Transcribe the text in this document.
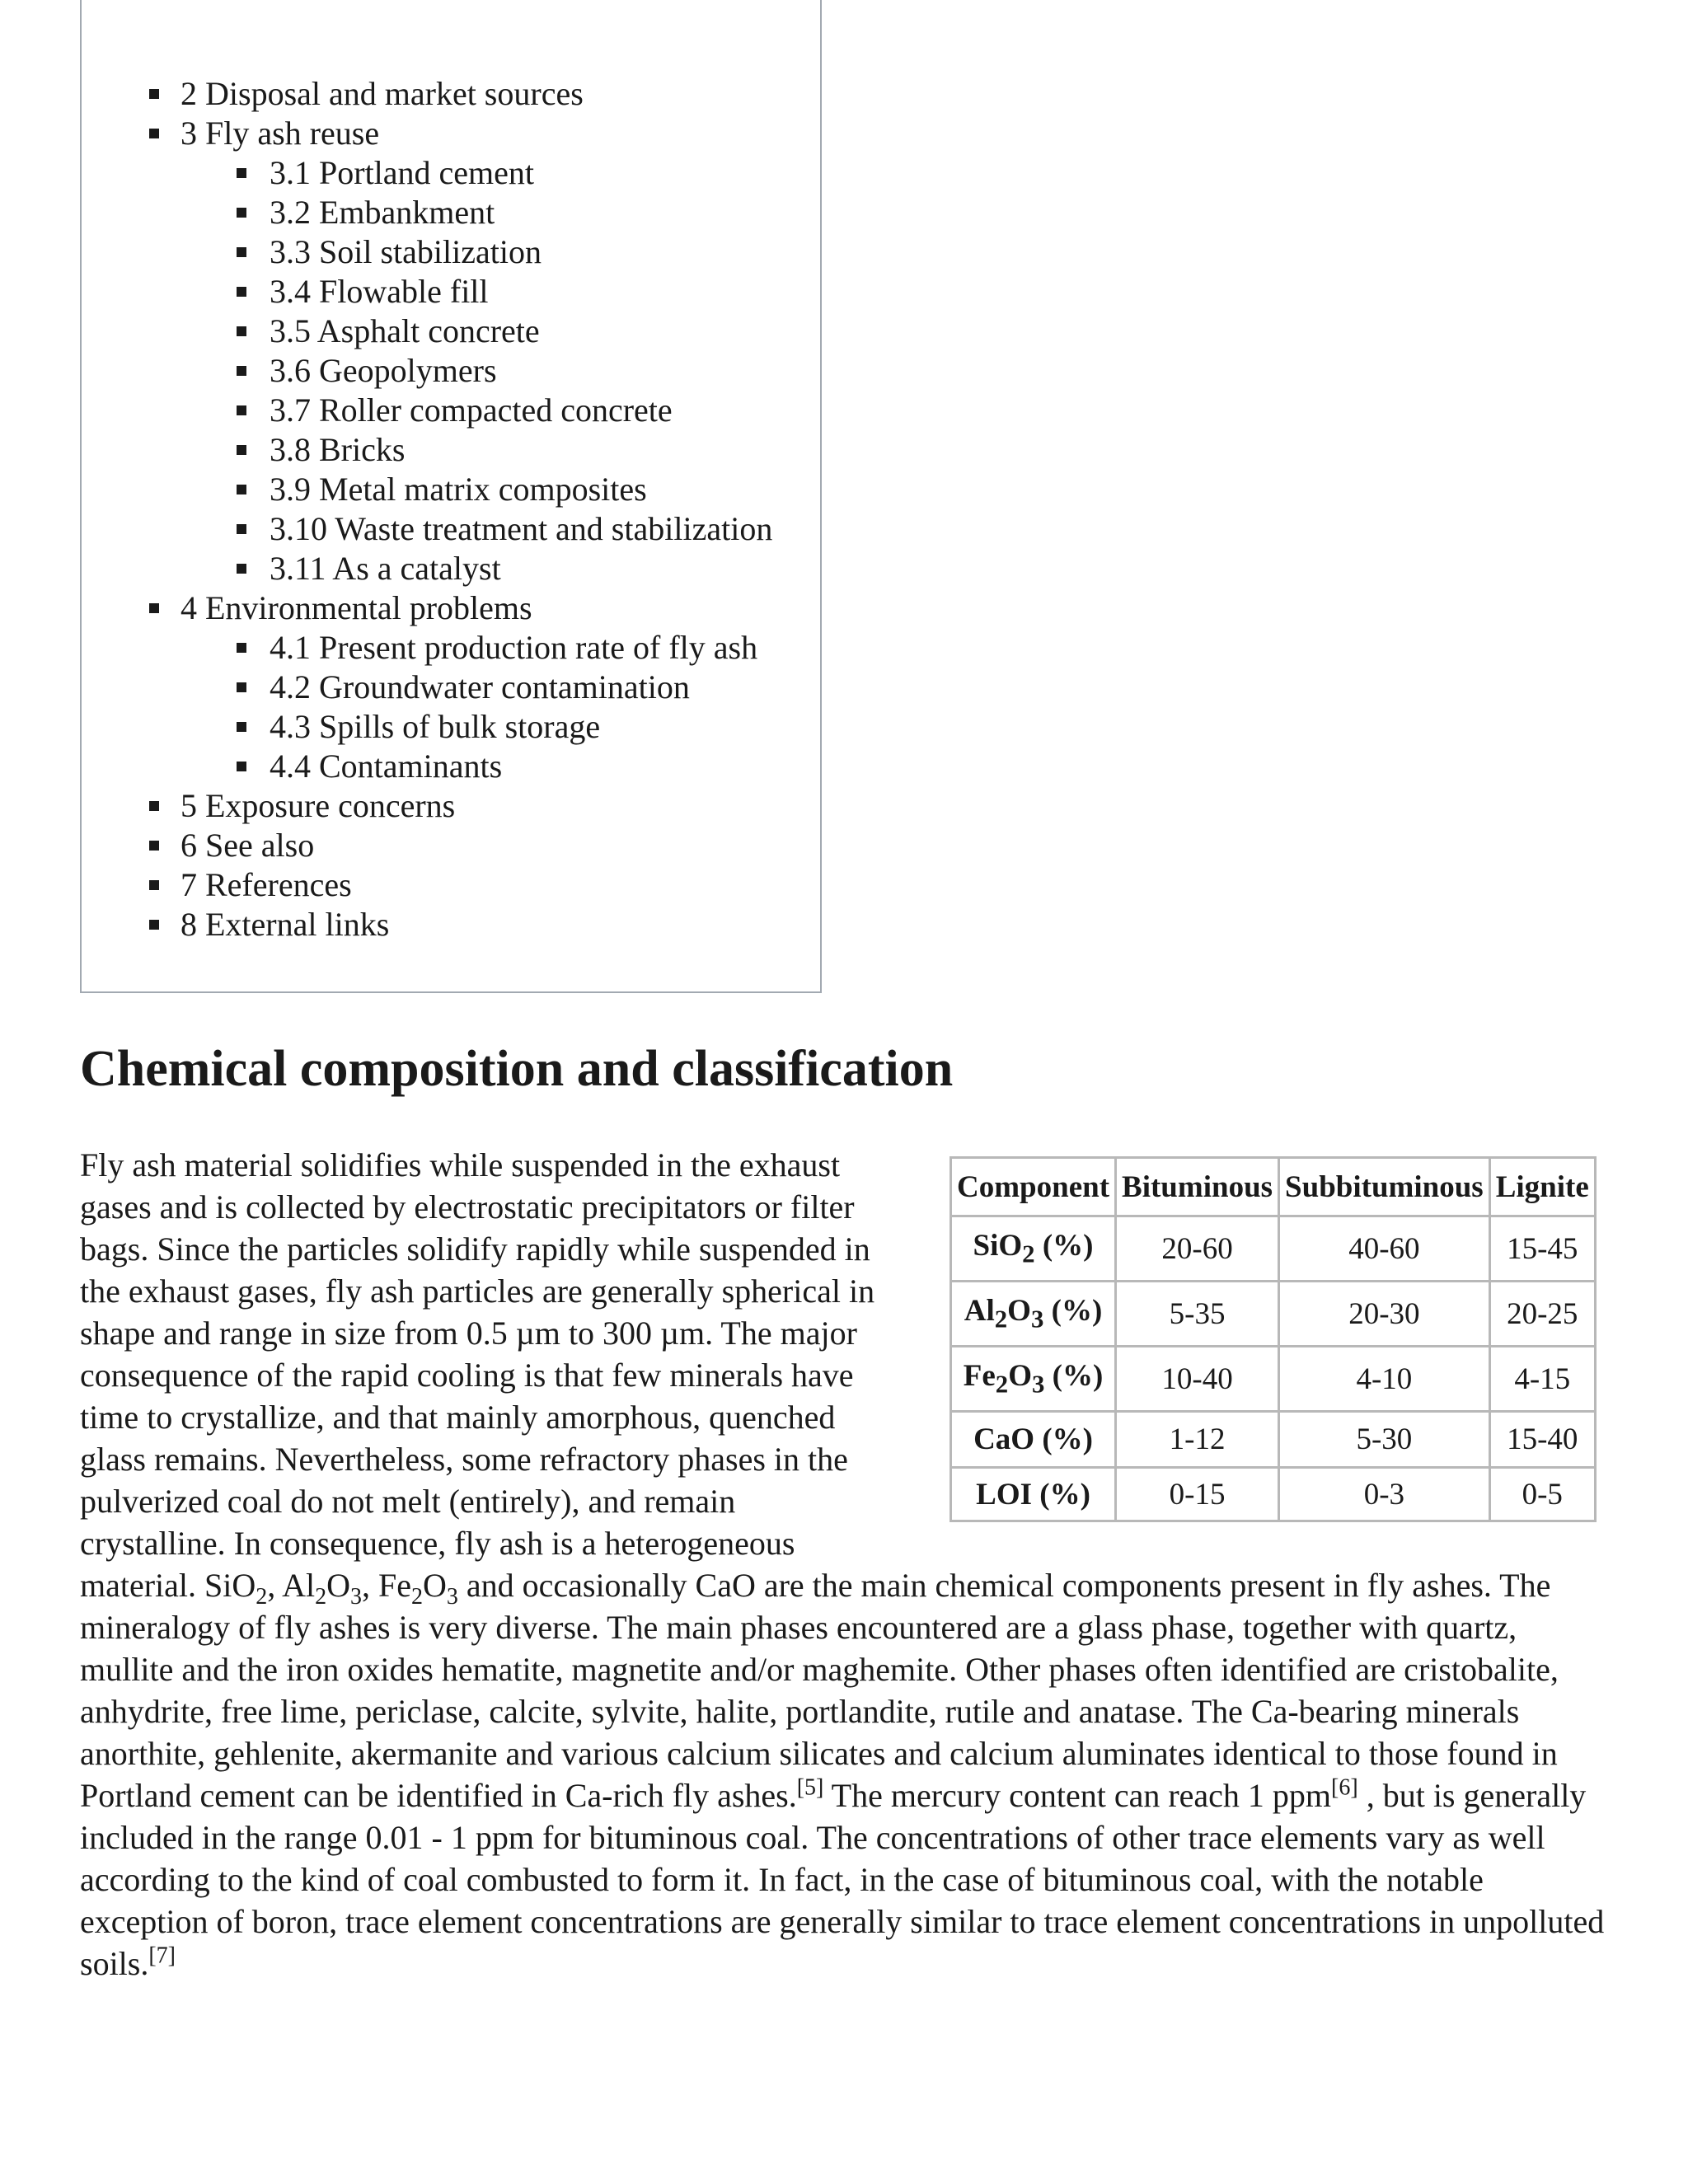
2 Disposal and market sources
3 Fly ash reuse
3.1 Portland cement
3.2 Embankment
3.3 Soil stabilization
3.4 Flowable fill
3.5 Asphalt concrete
3.6 Geopolymers
3.7 Roller compacted concrete
3.8 Bricks
3.9 Metal matrix composites
3.10 Waste treatment and stabilization
3.11 As a catalyst
4 Environmental problems
4.1 Present production rate of fly ash
4.2 Groundwater contamination
4.3 Spills of bulk storage
4.4 Contaminants
5 Exposure concerns
6 See also
7 References
8 External links
Chemical composition and classification
Component	Bituminous	Subbituminous	Lignite
SiO$_2$ (%)	20-60	40-60	15-45
$Al_2O_3$ (%)	5-35	20-30	20-25
$Fe_2O_3$ (%)	10-40	4-10	4-15
CaO (%)	1-12	5-30	15-40
LOI (%)	0-15	0-3	0-5

Fly ash material solidifies while suspended in the exhaust gases and is collected by electrostatic precipitators or filter bags. Since the particles solidify rapidly while suspended in the exhaust gases, fly ash particles are generally spherical in shape and range in size from 0.5 µm to 300 µm. The major consequence of the rapid cooling is that few minerals have time to crystallize, and that mainly amorphous, quenched glass remains. Nevertheless, some refractory phases in the pulverized coal do not melt (entirely), and remain crystalline. In consequence, fly ash is a heterogeneous material. SiO$_2$, $Al_2O_3$, $Fe_2O_3$ and occasionally CaO are the main chemical components present in fly ashes. The mineralogy of fly ashes is very diverse. The main phases encountered are a glass phase, together with quartz, mullite and the iron oxides hematite, magnetite and/or maghemite. Other phases often identified are cristobalite, anhydrite, free lime, periclase, calcite, sylvite, halite, portlandite, rutile and anatase. The Ca-bearing minerals anorthite, gehlenite, akermanite and various calcium silicates and calcium aluminates identical to those found in Portland cement can be identified in Ca-rich fly ashes.[5] The mercury content can reach 1 ppm[6] , but is generally included in the range 0.01 - 1 ppm for bituminous coal. The concentrations of other trace elements vary as well according to the kind of coal combusted to form it. In fact, in the case of bituminous coal, with the notable exception of boron, trace element concentrations are generally similar to trace element concentrations in unpolluted soils.[7]
